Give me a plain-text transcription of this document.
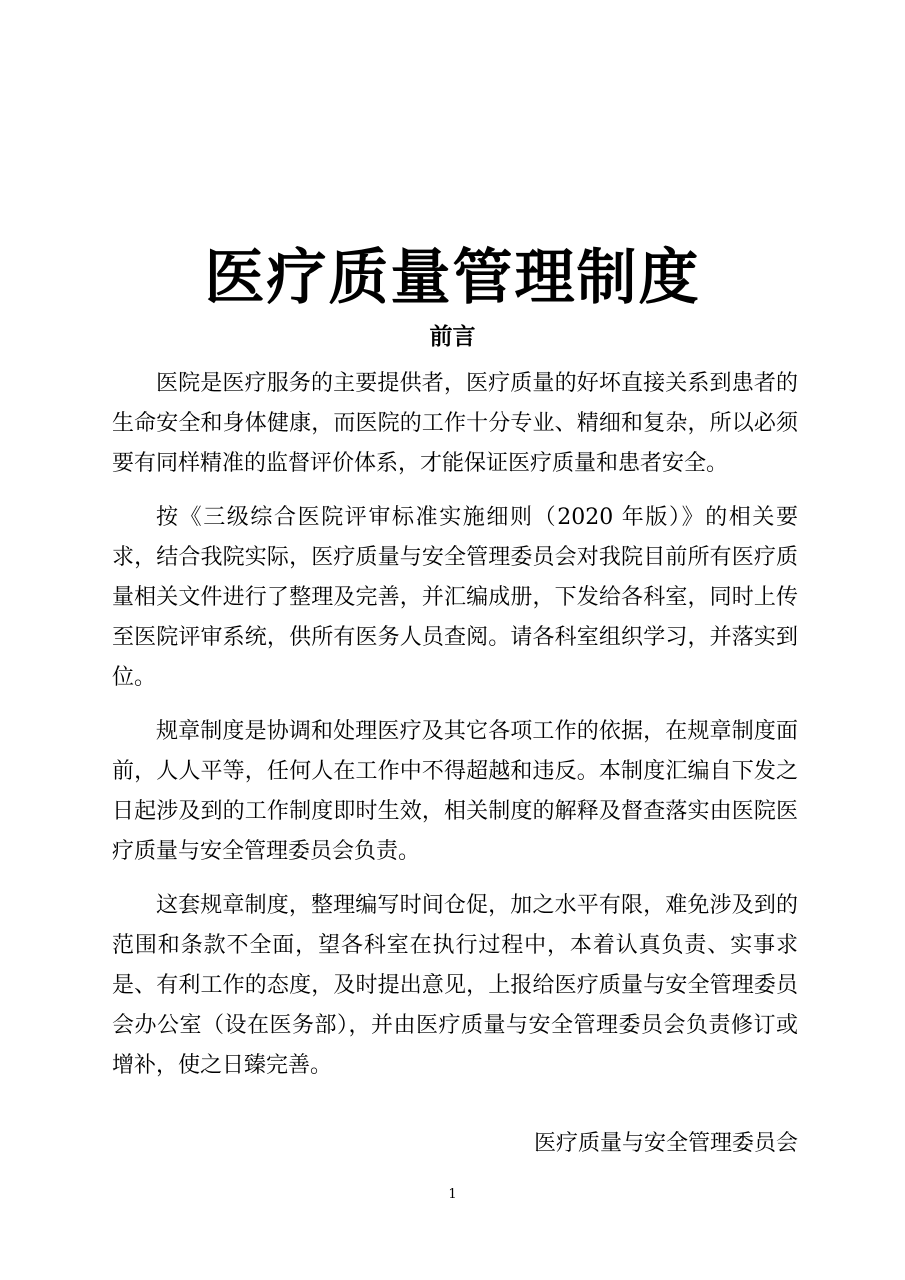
医疗质量管理制度
前言

医院是医疗服务的主要提供者，医疗质量的好坏直接关系到患者的生命安全和身体健康，而医院的工作十分专业、精细和复杂，所以必须要有同样精准的监督评价体系，才能保证医疗质量和患者安全。

按《三级综合医院评审标准实施细则（2020 年版）》的相关要求，结合我院实际，医疗质量与安全管理委员会对我院目前所有医疗质量相关文件进行了整理及完善，并汇编成册，下发给各科室，同时上传至医院评审系统，供所有医务人员查阅。请各科室组织学习，并落实到位。

规章制度是协调和处理医疗及其它各项工作的依据，在规章制度面前，人人平等，任何人在工作中不得超越和违反。本制度汇编自下发之日起涉及到的工作制度即时生效，相关制度的解释及督查落实由医院医疗质量与安全管理委员会负责。

这套规章制度，整理编写时间仓促，加之水平有限，难免涉及到的范围和条款不全面，望各科室在执行过程中，本着认真负责、实事求是、有利工作的态度，及时提出意见，上报给医疗质量与安全管理委员会办公室（设在医务部），并由医疗质量与安全管理委员会负责修订或增补，使之日臻完善。

医疗质量与安全管理委员会
1
